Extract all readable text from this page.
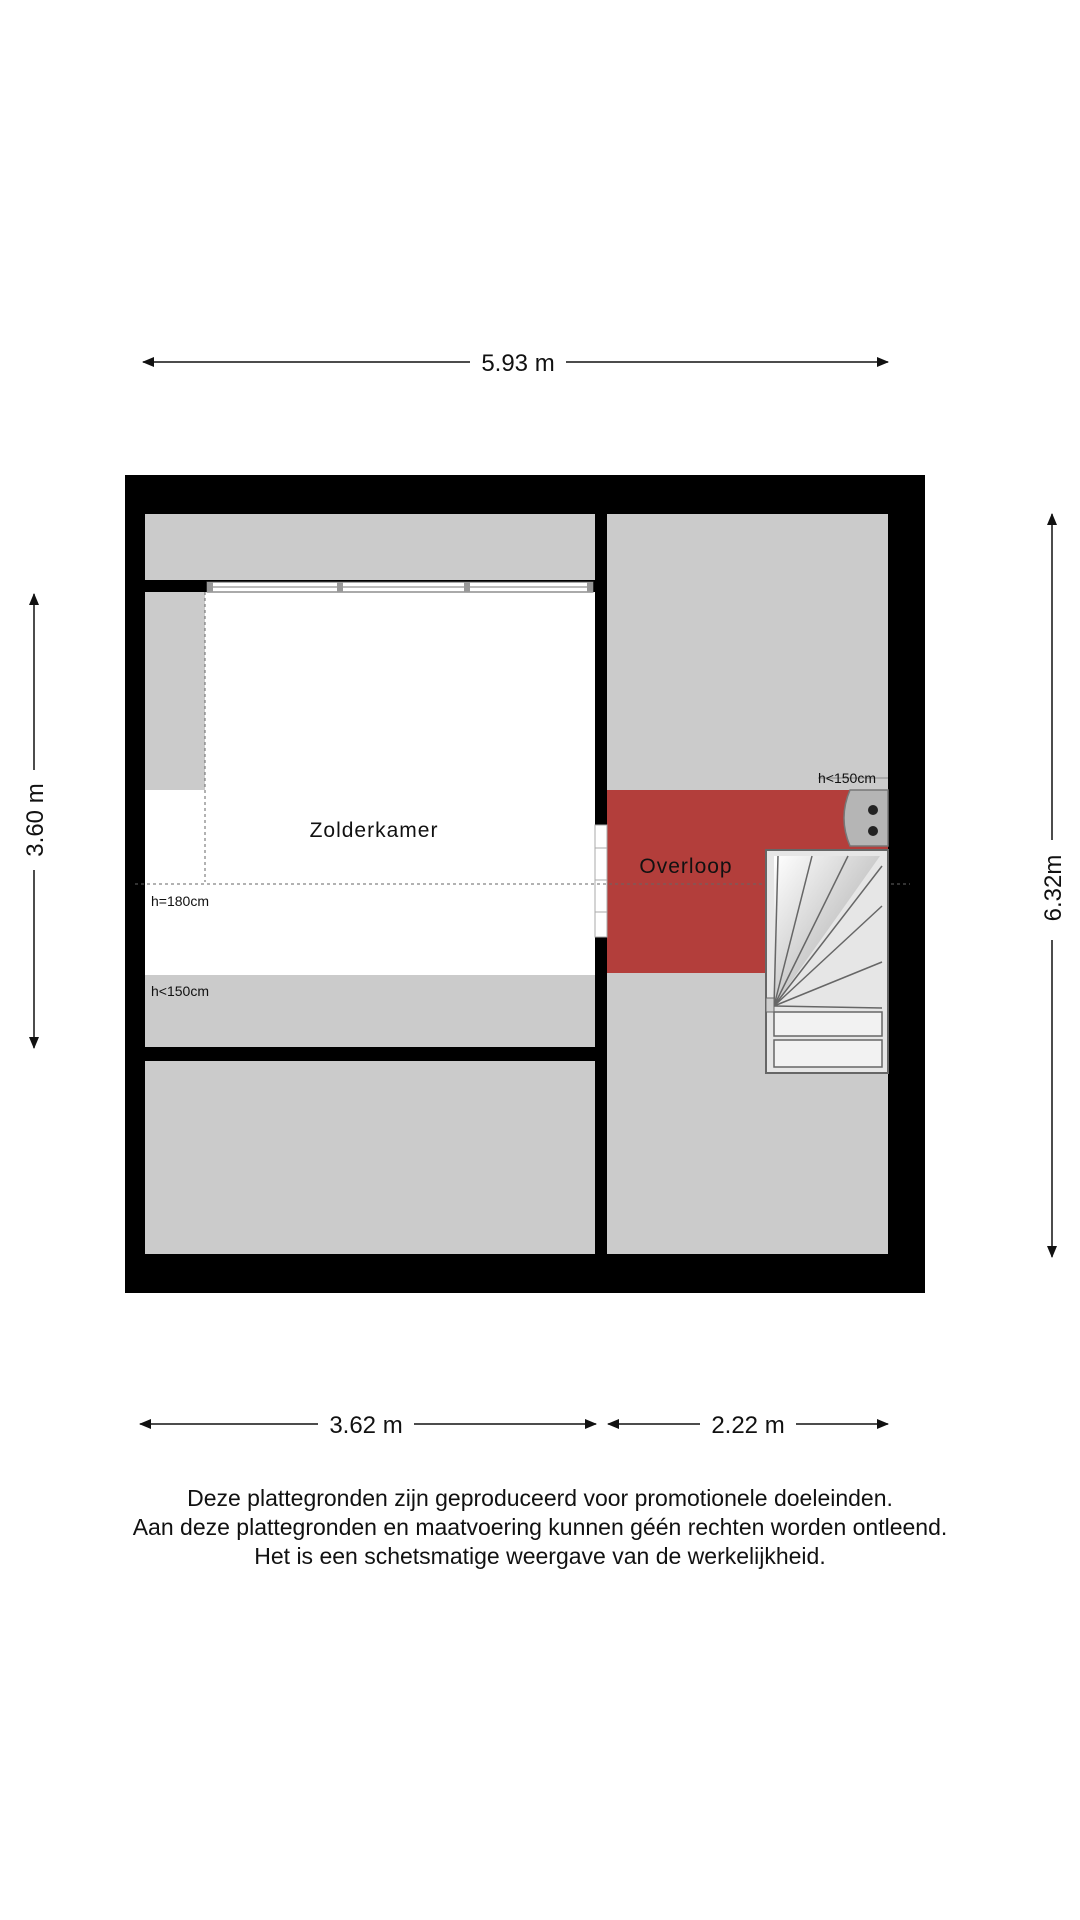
5.93 m
3.60 m
6.32m
3.62 m	2.22 m
Zolderkamer
Overloop
h=180cm
h<150cm
h<150cm
Deze plattegronden zijn geproduceerd voor promotionele doeleinden.
Aan deze plattegronden en maatvoering kunnen géén rechten worden ontleend.
Het is een schetsmatige weergave van de werkelijkheid.
